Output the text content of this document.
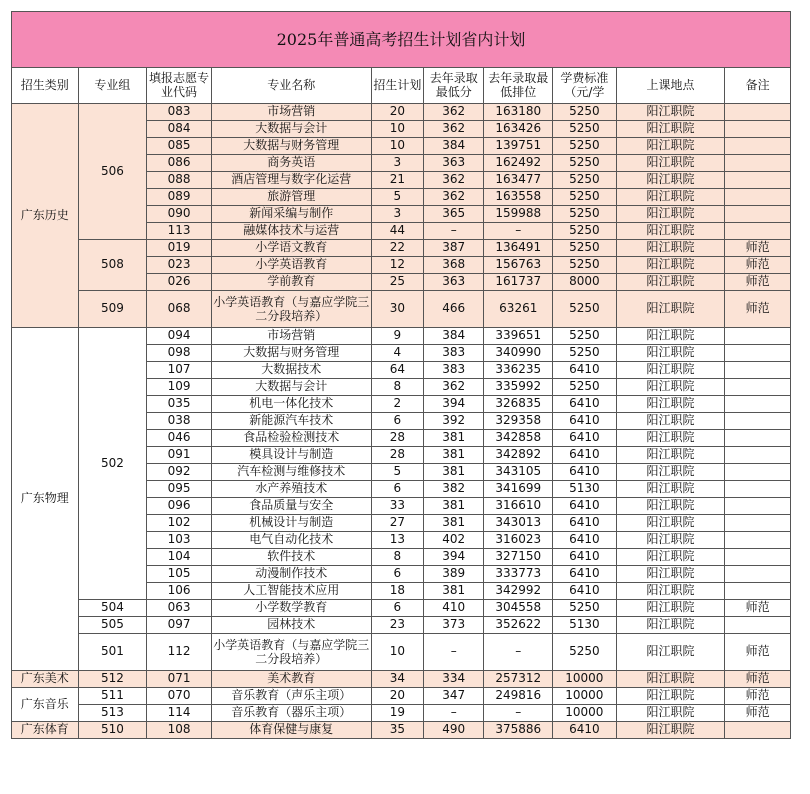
2025年普通高考招生计划省内计划									
招生类别	专业组	填报志愿专业代码	专业名称	招生计划	去年录取最低分	去年录取最低排位	学费标准（元/学	上课地点	备注
广东历史	506	083	市场营销	20	362	163180	5250	阳江职院	
		084	大数据与会计	10	362	163426	5250	阳江职院	
		085	大数据与财务管理	10	384	139751	5250	阳江职院	
		086	商务英语	3	363	162492	5250	阳江职院	
		088	酒店管理与数字化运营	21	362	163477	5250	阳江职院	
		089	旅游管理	5	362	163558	5250	阳江职院	
		090	新闻采编与制作	3	365	159988	5250	阳江职院	
		113	融媒体技术与运营	44	–	–	5250	阳江职院	
	508	019	小学语文教育	22	387	136491	5250	阳江职院	师范
		023	小学英语教育	12	368	156763	5250	阳江职院	师范
		026	学前教育	25	363	161737	8000	阳江职院	师范
	509	068	小学英语教育（与嘉应学院三二分段培养）	30	466	63261	5250	阳江职院	师范
广东物理	502	094	市场营销	9	384	339651	5250	阳江职院	
		098	大数据与财务管理	4	383	340990	5250	阳江职院	
		107	大数据技术	64	383	336235	6410	阳江职院	
		109	大数据与会计	8	362	335992	5250	阳江职院	
		035	机电一体化技术	2	394	326835	6410	阳江职院	
		038	新能源汽车技术	6	392	329358	6410	阳江职院	
		046	食品检验检测技术	28	381	342858	6410	阳江职院	
		091	模具设计与制造	28	381	342892	6410	阳江职院	
		092	汽车检测与维修技术	5	381	343105	6410	阳江职院	
		095	水产养殖技术	6	382	341699	5130	阳江职院	
		096	食品质量与安全	33	381	316610	6410	阳江职院	
		102	机械设计与制造	27	381	343013	6410	阳江职院	
		103	电气自动化技术	13	402	316023	6410	阳江职院	
		104	软件技术	8	394	327150	6410	阳江职院	
		105	动漫制作技术	6	389	333773	6410	阳江职院	
		106	人工智能技术应用	18	381	342992	6410	阳江职院	
	504	063	小学数学教育	6	410	304558	5250	阳江职院	师范
	505	097	园林技术	23	373	352622	5130	阳江职院	
	501	112	小学英语教育（与嘉应学院三二分段培养）	10	–	–	5250	阳江职院	师范
广东美术	512	071	美术教育	34	334	257312	10000	阳江职院	师范
广东音乐	511	070	音乐教育（声乐主项）	20	347	249816	10000	阳江职院	师范
	513	114	音乐教育（器乐主项）	19	–	–	10000	阳江职院	师范
广东体育	510	108	体育保健与康复	35	490	375886	6410	阳江职院	
